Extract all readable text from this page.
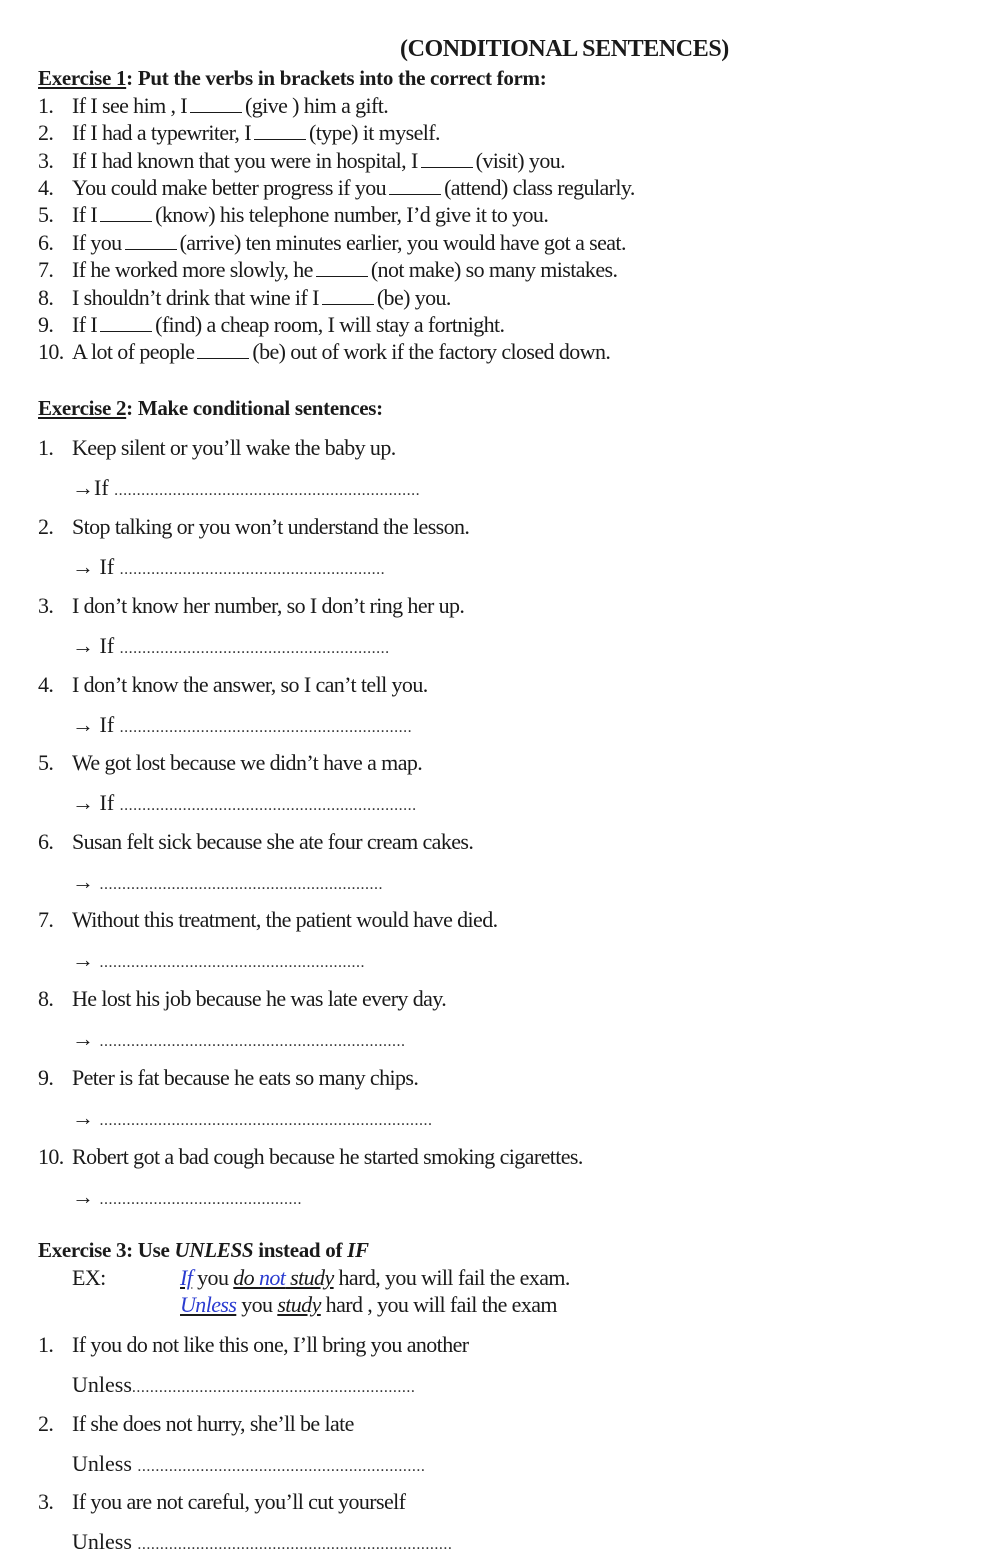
(CONDITIONAL SENTENCES)
Exercise 1: Put the verbs in brackets into the correct form:
1. If I see him , I	(give ) him a gift.
2. If I had a typewriter, I	(type) it myself.
3. If I had known that you were in hospital, I	(visit) you.
4. You could make better progress if you	(attend) class regularly.
5. If I	(know) his telephone number, I’d give it to you.
6. If you	(arrive) ten minutes earlier, you would have got a seat.
7. If he worked more slowly, he	(not make) so many mistakes.
8. I shouldn’t drink that wine if I	(be) you.
9. If I	(find) a cheap room, I will stay a fortnight.
10. A lot of people	(be) out of work if the factory closed down.
Exercise 2: Make conditional sentences:
1. Keep silent or you’ll wake the baby up.
→If ....................................................................
2. Stop talking or you won’t understand the lesson.
→ If ...........................................................
3. I don’t know her number, so I don’t ring her up.
→ If ............................................................
4. I don’t know the answer, so I can’t tell you.
→ If .................................................................
5. We got lost because we didn’t have a map.
→ If ..................................................................
6. Susan felt sick because she ate four cream cakes.
→ ...............................................................
7. Without this treatment, the patient would have died.
→ ...........................................................
8. He lost his job because he was late every day.
→ ....................................................................
9. Peter is fat because he eats so many chips.
→ ..........................................................................
10. Robert got a bad cough because he started smoking cigarettes.
→ .............................................
Exercise 3: Use UNLESS instead of IF
EX:	If you do not study hard, you will fail the exam.
Unless you study hard , you will fail the exam
1. If you do not like this one, I’ll bring you another
Unless...............................................................
2. If she does not hurry, she’ll be late
Unless ................................................................
3. If you are not careful, you’ll cut yourself
Unless ......................................................................
